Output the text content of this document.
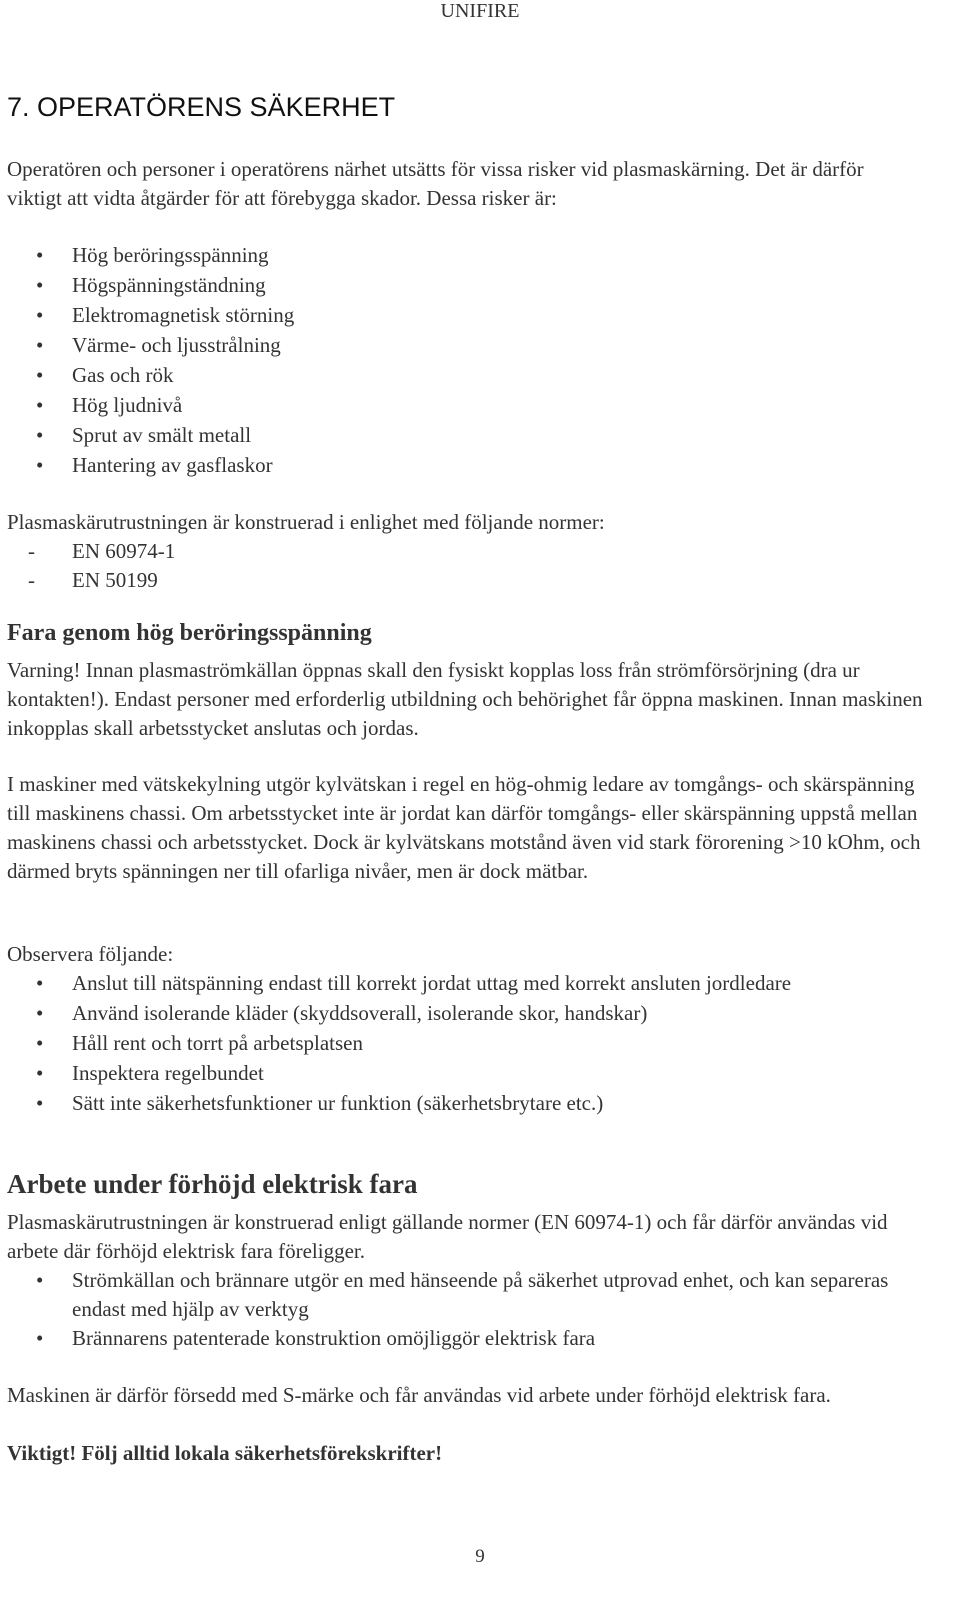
UNIFIRE
7. OPERATÖRENS SÄKERHET
Operatören och personer i operatörens närhet utsätts för vissa risker vid plasmaskärning. Det är därför viktigt att vidta åtgärder för att förebygga skador. Dessa risker är:
• Hög beröringsspänning
• Högspänningständning
• Elektromagnetisk störning
• Värme- och ljusstrålning
• Gas och rök
• Hög ljudnivå
• Sprut av smält metall
• Hantering av gasflaskor
Plasmaskärutrustningen är konstruerad i enlighet med följande normer:
- EN 60974-1
- EN 50199
Fara genom hög beröringsspänning
Varning! Innan plasmaströmkällan öppnas skall den fysiskt kopplas loss från strömförsörjning (dra ur kontakten!). Endast personer med erforderlig utbildning och behörighet får öppna maskinen. Innan maskinen inkopplas skall arbetsstycket anslutas och jordas.
I maskiner med vätskekylning utgör kylvätskan i regel en hög-ohmig ledare av tomgångs- och skärspänning till maskinens chassi. Om arbetsstycket inte är jordat kan därför tomgångs- eller skärspänning uppstå mellan maskinens chassi och arbetsstycket. Dock är kylvätskans motstånd även vid stark förorening >10 kOhm, och därmed bryts spänningen ner till ofarliga nivåer, men är dock mätbar.
Observera följande:
• Anslut till nätspänning endast till korrekt jordat uttag med korrekt ansluten jordledare
• Använd isolerande kläder (skyddsoverall, isolerande skor, handskar)
• Håll rent och torrt på arbetsplatsen
• Inspektera regelbundet
• Sätt inte säkerhetsfunktioner ur funktion (säkerhetsbrytare etc.)
Arbete under förhöjd elektrisk fara
Plasmaskärutrustningen är konstruerad enligt gällande normer (EN 60974-1) och får därför användas vid arbete där förhöjd elektrisk fara föreligger.
• Strömkällan och brännare utgör en med hänseende på säkerhet utprovad enhet, och kan separeras endast med hjälp av verktyg
• Brännarens patenterade konstruktion omöjliggör elektrisk fara
Maskinen är därför försedd med S-märke och får användas vid arbete under förhöjd elektrisk fara.
Viktigt! Följ alltid lokala säkerhetsförekskrifter!
9
